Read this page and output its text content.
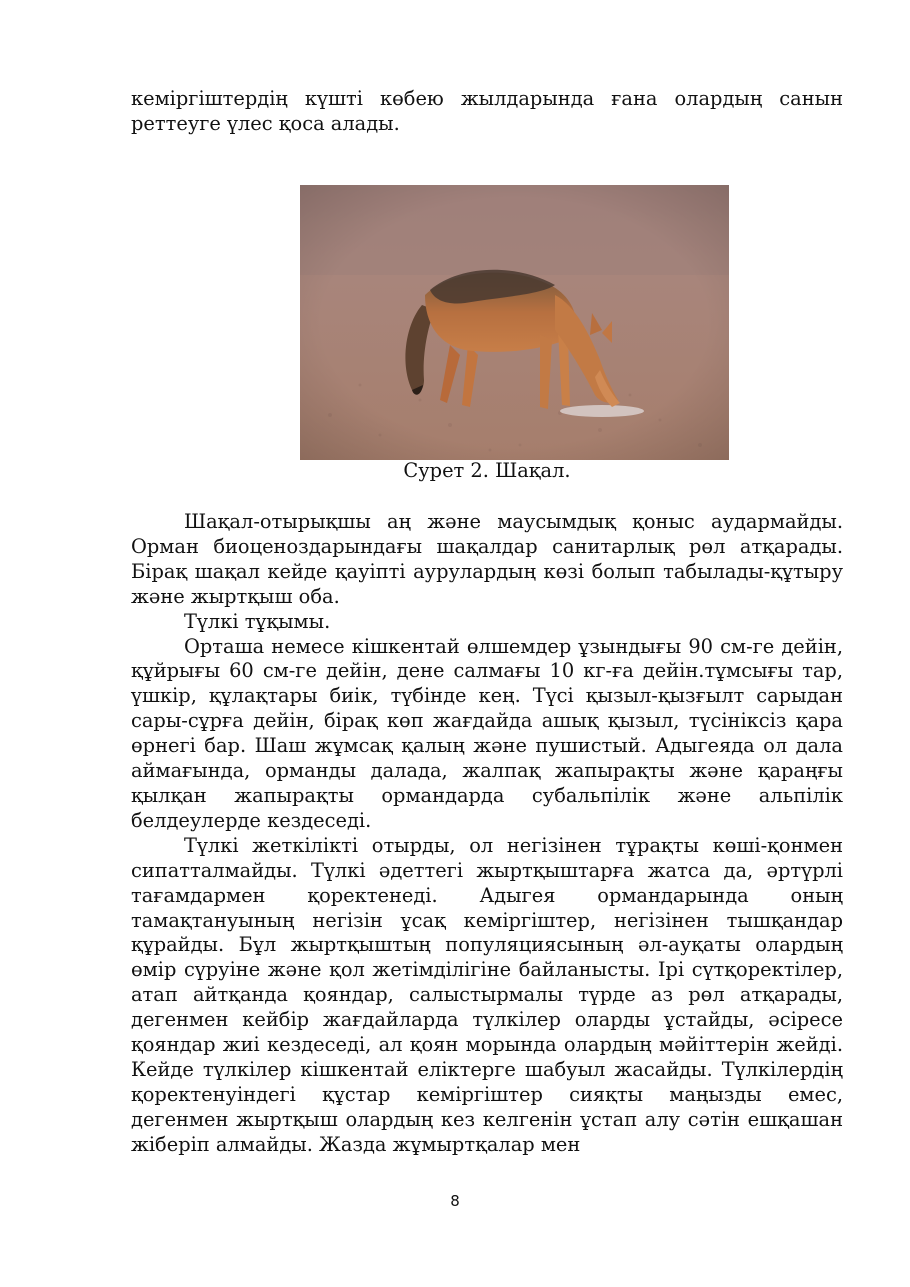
кеміргіштердің күшті көбею жылдарында ғана олардың санын реттеуге үлес қоса алады.

Сурет 2. Шақал.

Шақал-отырықшы аң және маусымдық қоныс аудармайды. Орман биоценоздарындағы шақалдар санитарлық рөл атқарады. Бірақ шақал кейде қауіпті аурулардың көзі болып табылады-құтыру және жыртқыш оба.

Түлкі тұқымы.

Орташа немесе кішкентай өлшемдер ұзындығы 90 см-ге дейін, құйрығы 60 см-ге дейін, дене салмағы 10 кг-ға дейін.тұмсығы тар, үшкір, құлақтары биік, түбінде кең. Түсі қызыл-қызғылт сарыдан сары-сұрға дейін, бірақ көп жағдайда ашық қызыл, түсініксіз қара өрнегі бар. Шаш жұмсақ қалың және пушистый. Адыгеяда ол дала аймағында, орманды далада, жалпақ жапырақты және қараңғы қылқан жапырақты ормандарда субальпілік және альпілік белдеулерде кездеседі.

Түлкі жеткілікті отырды, ол негізінен тұрақты көші-қонмен сипатталмайды. Түлкі әдеттегі жыртқыштарға жатса да, әртүрлі тағамдармен қоректенеді. Адыгея ормандарында оның тамақтануының негізін ұсақ кеміргіштер, негізінен тышқандар құрайды. Бұл жыртқыштың популяциясының әл-ауқаты олардың өмір сүруіне және қол жетімділігіне байланысты. Ірі сүтқоректілер, атап айтқанда қояндар, салыстырмалы түрде аз рөл атқарады, дегенмен кейбір жағдайларда түлкілер оларды ұстайды, әсіресе қояндар жиі кездеседі, ал қоян морында олардың мәйіттерін жейді. Кейде түлкілер кішкентай еліктерге шабуыл жасайды. Түлкілердің қоректенуіндегі құстар кеміргіштер сияқты маңызды емес, дегенмен жыртқыш олардың кез келгенін ұстап алу сәтін ешқашан жіберіп алмайды. Жазда жұмыртқалар мен

8
